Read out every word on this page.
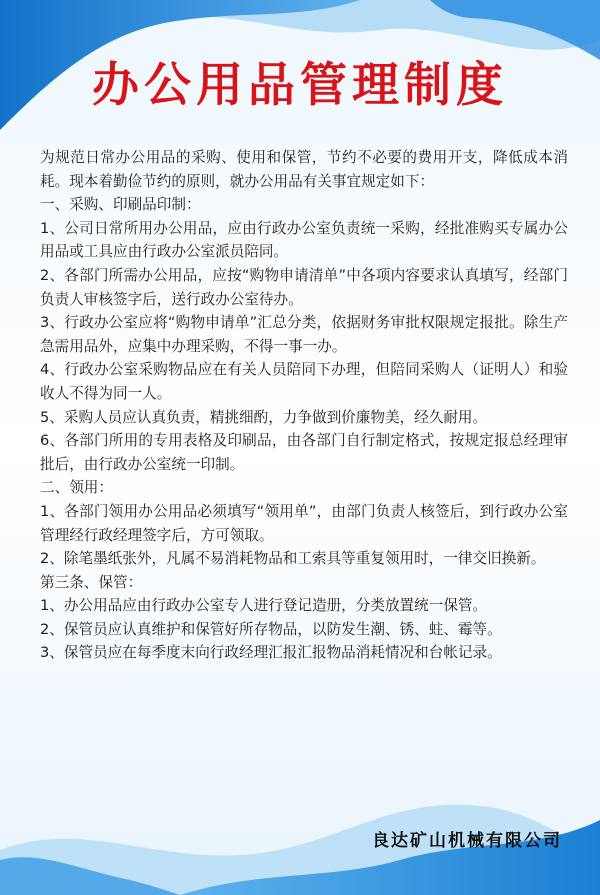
办公用品管理制度

为规范日常办公用品的采购、使用和保管，节约不必要的费用开支，降低成本消耗。现本着勤俭节约的原则，就办公用品有关事宜规定如下：

一、采购、印刷品印制：

1、公司日常所用办公用品，应由行政办公室负责统一采购，经批准购买专属办公用品或工具应由行政办公室派员陪同。

2、各部门所需办公用品，应按“购物申请清单”中各项内容要求认真填写，经部门负责人审核签字后，送行政办公室待办。

3、行政办公室应将“购物申请单”汇总分类，依据财务审批权限规定报批。除生产急需用品外，应集中办理采购，不得一事一办。

4、行政办公室采购物品应在有关人员陪同下办理，但陪同采购人（证明人）和验收人不得为同一人。

5、采购人员应认真负责，精挑细酌，力争做到价廉物美，经久耐用。

6、各部门所用的专用表格及印刷品，由各部门自行制定格式，按规定报总经理审批后，由行政办公室统一印制。

二、领用：

1、各部门领用办公用品必须填写“领用单”，由部门负责人核签后，到行政办公室管理经行政经理签字后，方可领取。

2、除笔墨纸张外，凡属不易消耗物品和工索具等重复领用时，一律交旧换新。

第三条、保管：

1、办公用品应由行政办公室专人进行登记造册，分类放置统一保管。

2、保管员应认真维护和保管好所存物品，以防发生潮、锈、蛀、霉等。

3、保管员应在每季度末向行政经理汇报汇报物品消耗情况和台帐记录。

良达矿山机械有限公司
